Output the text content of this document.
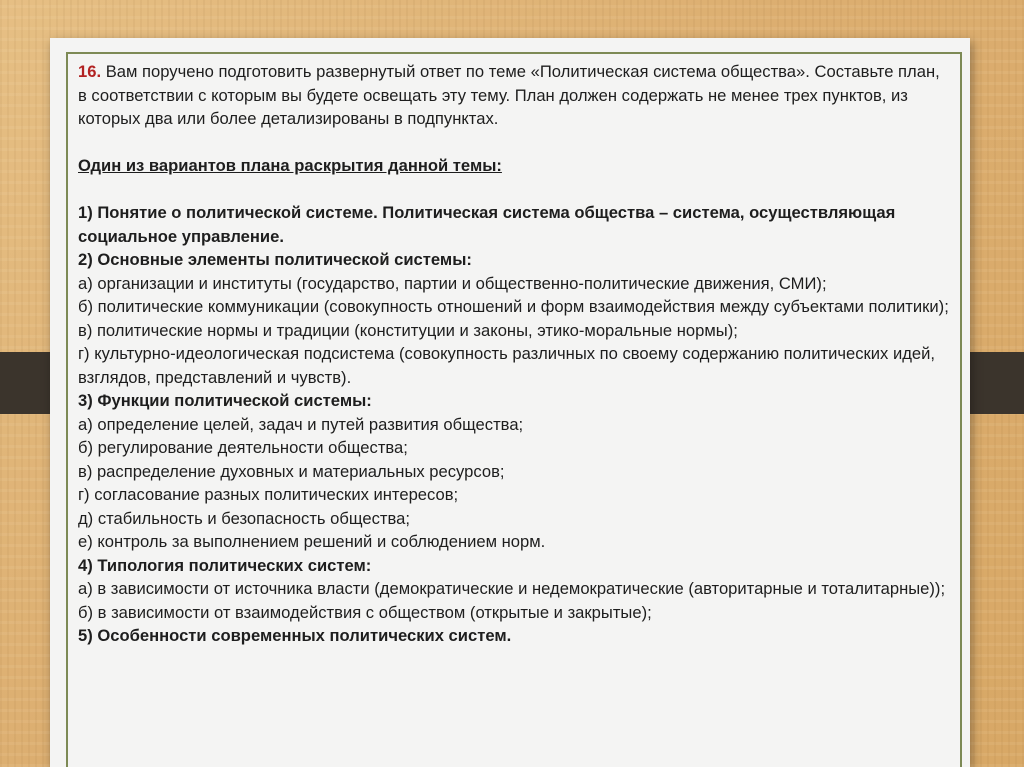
16. Вам поручено подготовить развернутый ответ по теме «Политическая система общества». Составьте план, в соответствии с которым вы будете освещать эту тему. План должен содержать не менее трех пунктов, из которых два или более детализированы в подпунктах.

Один из вариантов плана раскрытия данной темы:

1) Понятие о политической системе. Политическая система общества – система, осуществляющая социальное управление.

2) Основные элементы политической системы:

а) организации и институты (государство, партии и общественно-политические движения, СМИ);

б) политические коммуникации (совокупность отношений и форм взаимодействия между субъектами политики);

в) политические нормы и традиции (конституции и законы, этико-моральные нормы);

г) культурно-идеологическая подсистема (совокупность различных по своему содержанию политических идей, взглядов, представлений и чувств).

3) Функции политической системы:

а) определение целей, задач и путей развития общества;

б) регулирование деятельности общества;

в) распределение духовных и материальных ресурсов;

г) согласование разных политических интересов;

д) стабильность и безопасность общества;

е) контроль за выполнением решений и соблюдением норм.

4) Типология политических систем:

а) в зависимости от источника власти (демократические и недемократические (авторитарные и тоталитарные));

б) в зависимости от взаимодействия с обществом (открытые и закрытые);

5) Особенности современных политических систем.
